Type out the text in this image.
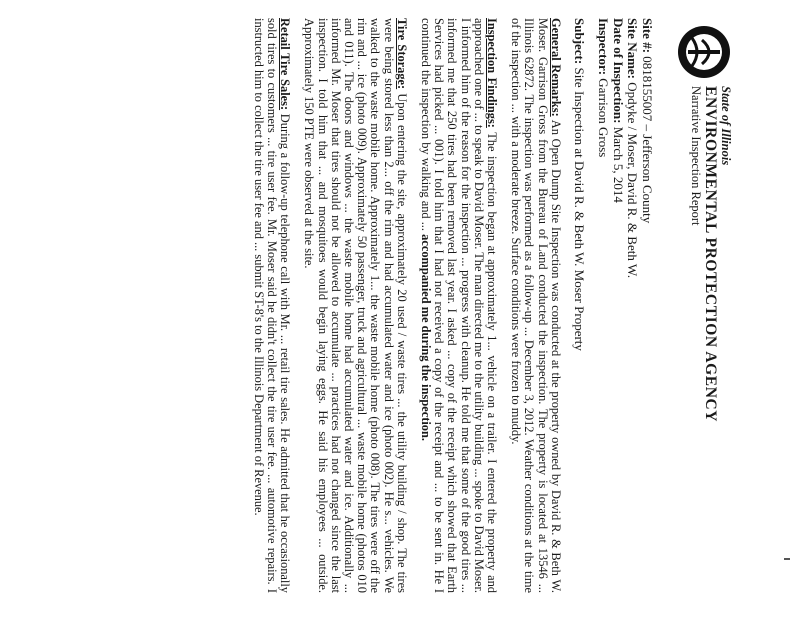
State of Illinois
ENVIRONMENTAL PROTECTION AGENCY
Narrative Inspection Report
Site #: 0818155007 – Jefferson County
Site Name: Opdyke / Moser, David R. & Beth W.
Date of Inspection: March 5, 2014
Inspector: Garrison Gross
Subject: Site Inspection at David R. & Beth W. Moser Property

General Remarks: An Open Dump Site Inspection was conducted at the property owned by David R. & Beth W. Moser. Garrison Gross from the Bureau of Land conducted the inspection. The property is located at 13546 ... Illinois 62872. The inspection was performed as a follow-up ... December 3, 2012. Weather conditions at the time of the inspection ... with a moderate breeze. Surface conditions were frozen to muddy.

Inspection Findings: The inspection began at approximately 1... vehicle on a trailer. I entered the property and approached one of ... to speak to David Moser. The man directed me to the utility building ... spoke to David Moser. I informed him of the reason for the inspection ... progress with cleanup. He told me that some of the good tires ... informed me that 250 tires had been removed last year. I asked ... copy of the receipt which showed that Earth Services had picked ... 001). I told him that I had not received a copy of the receipt and ... to be sent in. He I continued the inspection by walking and ... accompanied me during the inspection.

Tire Storage: Upon entering the site, approximately 20 used / waste tires ... the utility building / shop. The tires were being stored less than 2... off the rim and had accumulated water and ice (photo 002). He s... vehicles. We walked to the waste mobile home. Approximately 1... the waste mobile home (photo 008). The tires were off the rim and ... ice (photo 009). Approximately 50 passenger, truck and agricultural ... waste mobile home (photos 010 and 011). The doors and windows ... the waste mobile home had accumulated water and ice. Additionally ... informed Mr. Moser that tires should not be allowed to accumulate ... practices had not changed since the last inspection. I told him that ... and mosquitoes would begin laying eggs. He said his employees ... outside. Approximately 150 PTE were observed at the site.

Retail Tire Sales: During a follow-up telephone call with Mr. ... retail tire sales. He admitted that he occasionally sold tires to customers ... tire user fee. Mr. Moser said he didn't collect the tire user fee. ... automotive repairs. I instructed him to collect the tire user fee and ... submit ST-8's to the Illinois Department of Revenue.
